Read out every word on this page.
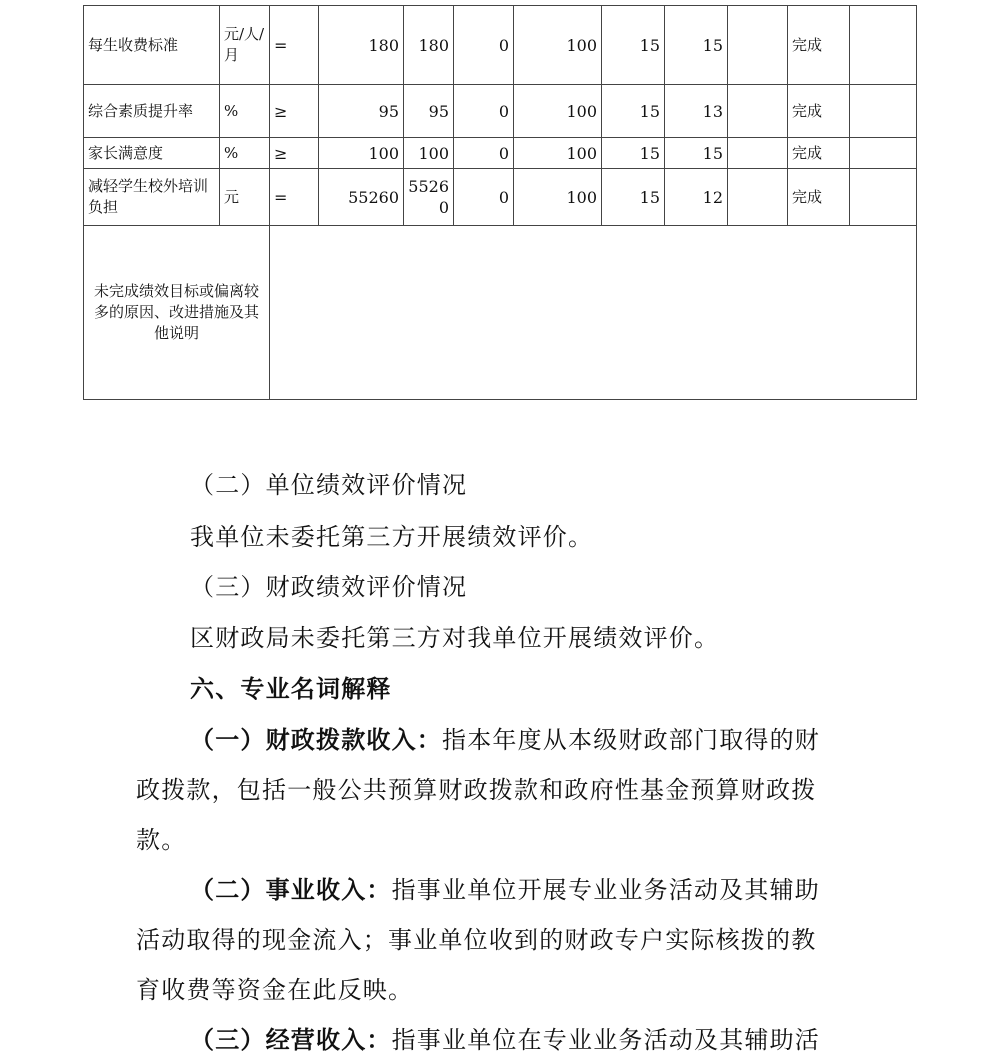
每生收费标准	元/人/月	=	180	180	0	100	15	15		完成	
综合素质提升率	%	≥	95	95	0	100	15	13		完成	
家长满意度	%	≥	100	100	0	100	15	15		完成	
减轻学生校外培训负担	元	=	55260	55260	0	100	15	12		完成	
未完成绩效目标或偏离较多的原因、改进措施及其他说明											

（二）单位绩效评价情况

我单位未委托第三方开展绩效评价。

（三）财政绩效评价情况

区财政局未委托第三方对我单位开展绩效评价。

六、专业名词解释

（一）财政拨款收入：指本年度从本级财政部门取得的财

政拨款，包括一般公共预算财政拨款和政府性基金预算财政拨

款。

（二）事业收入：指事业单位开展专业业务活动及其辅助

活动取得的现金流入；事业单位收到的财政专户实际核拨的教

育收费等资金在此反映。

（三）经营收入：指事业单位在专业业务活动及其辅助活
